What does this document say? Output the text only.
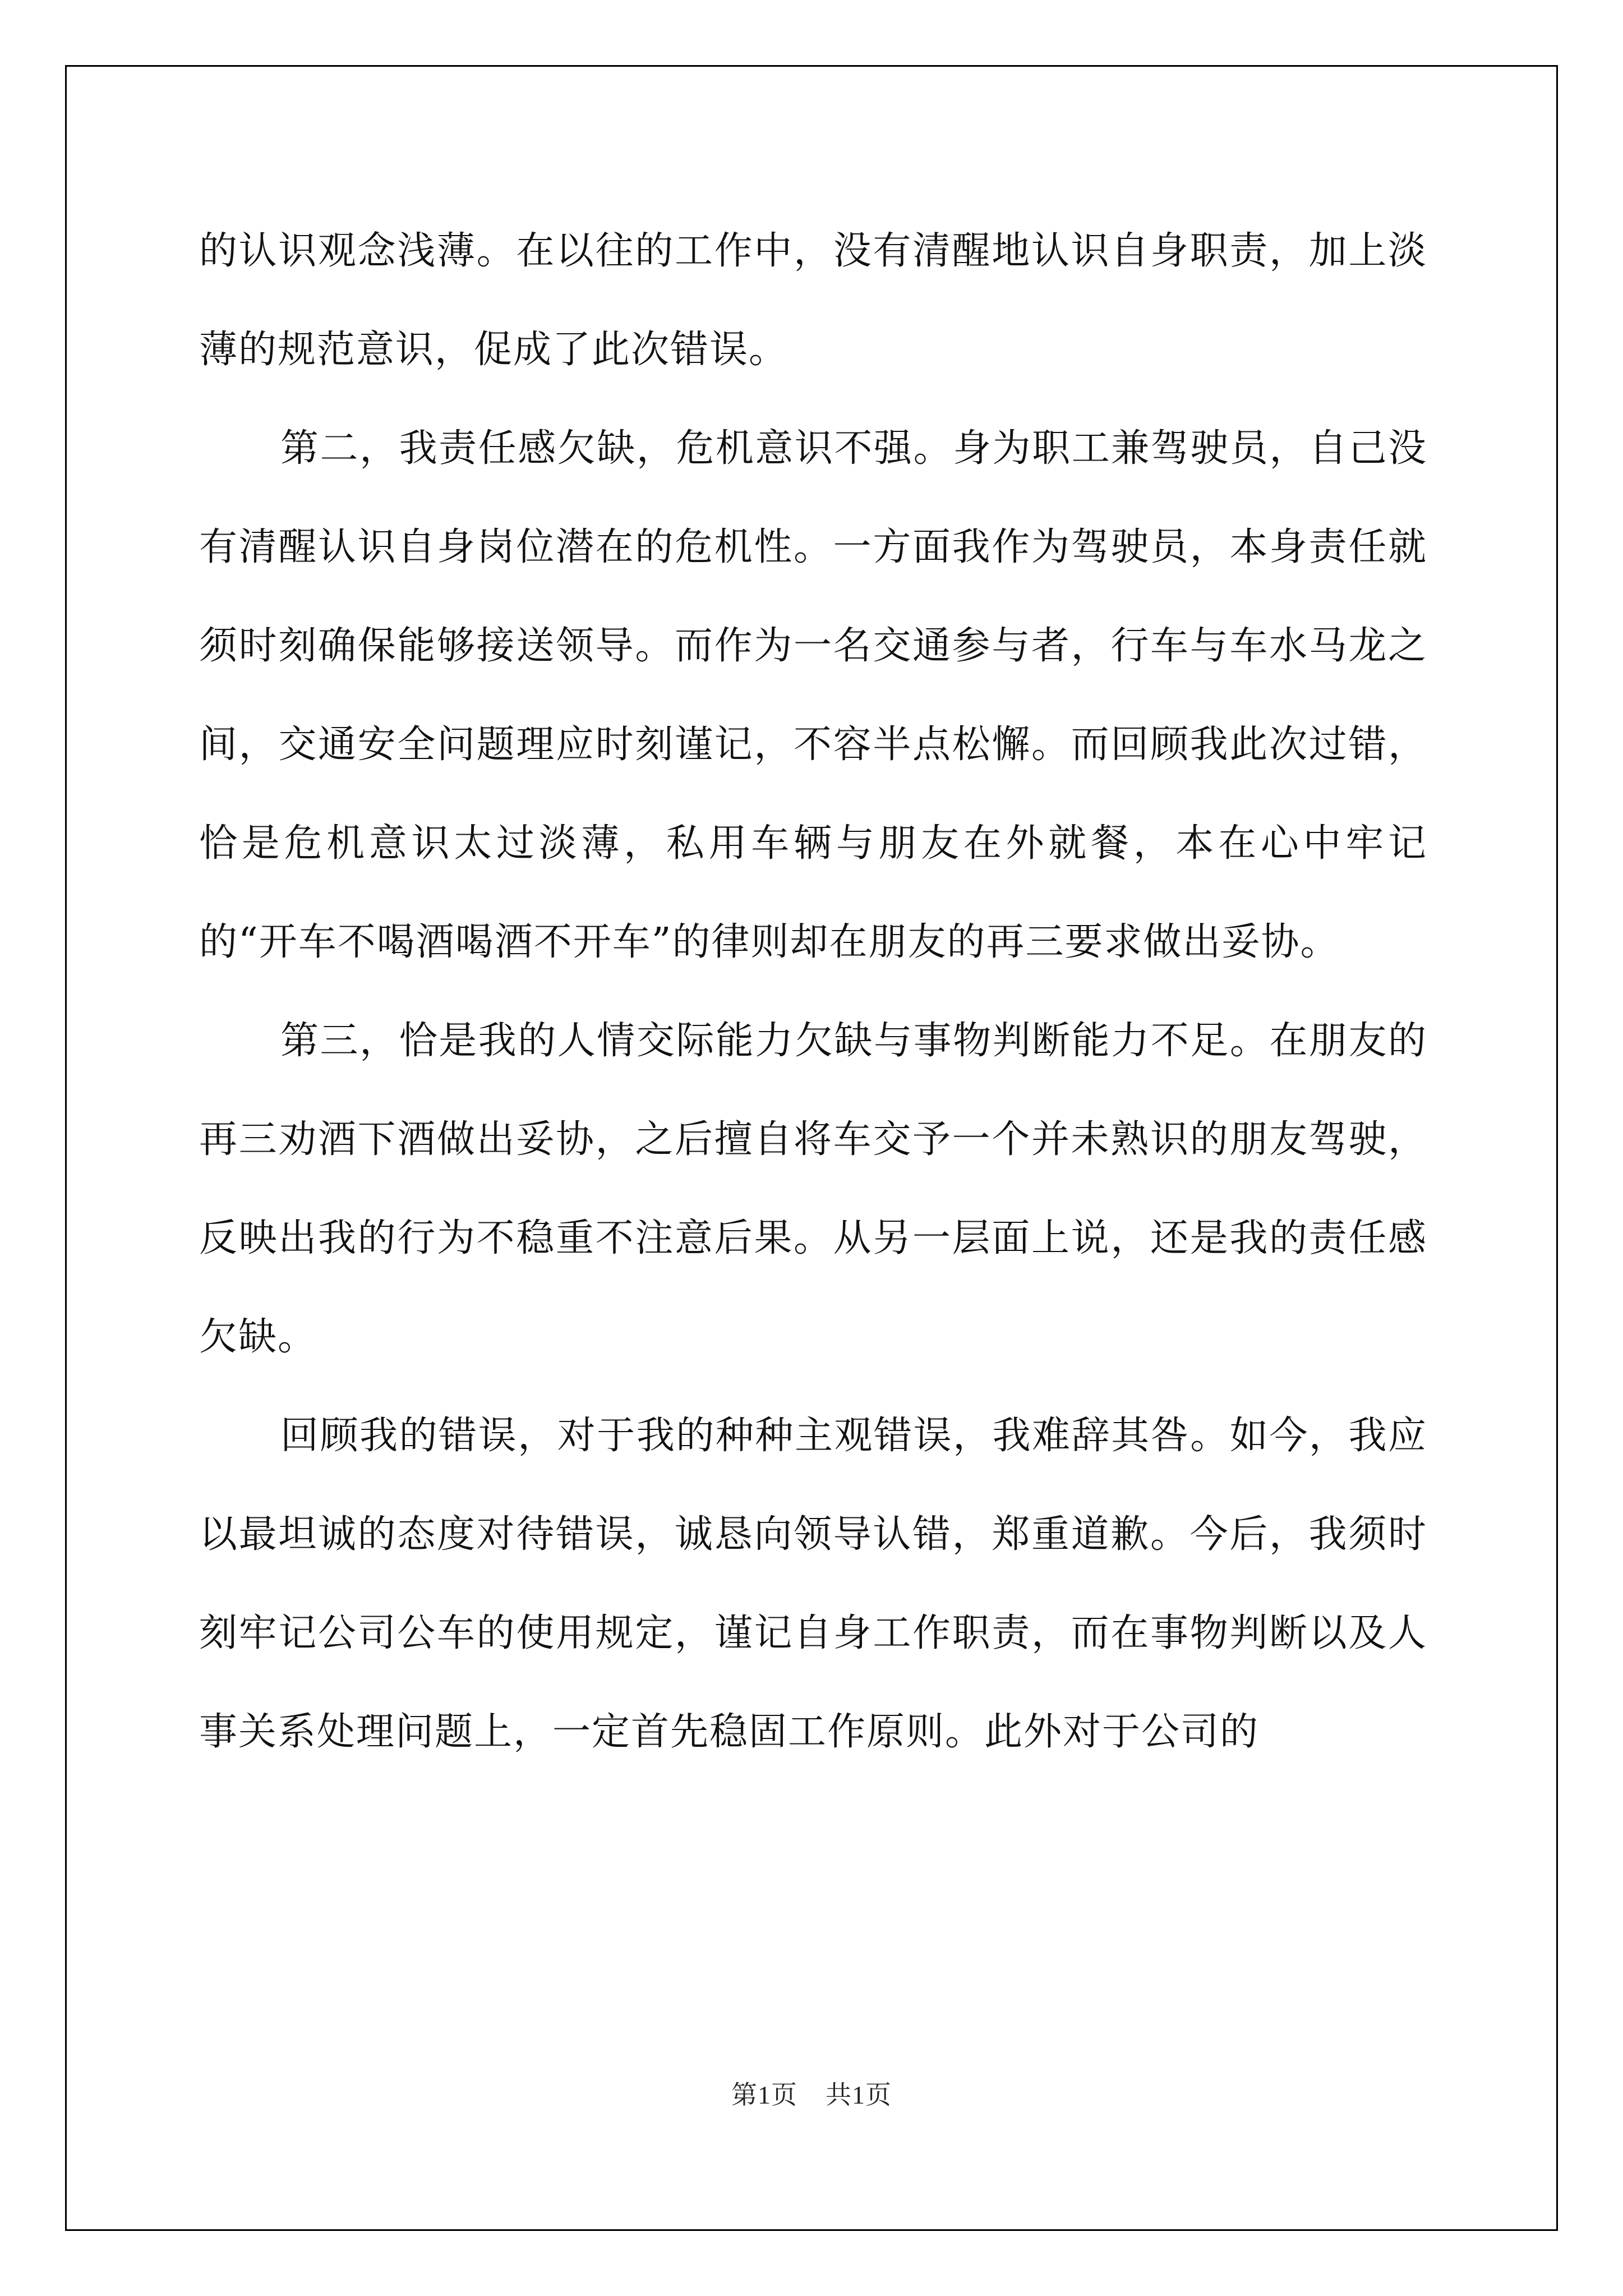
的认识观念浅薄。在以往的工作中，没有清醒地认识自身职责，加上淡薄的规范意识，促成了此次错误。

第二，我责任感欠缺，危机意识不强。身为职工兼驾驶员，自己没有清醒认识自身岗位潜在的危机性。一方面我作为驾驶员，本身责任就须时刻确保能够接送领导。而作为一名交通参与者，行车与车水马龙之间，交通安全问题理应时刻谨记，不容半点松懈。而回顾我此次过错，恰是危机意识太过淡薄，私用车辆与朋友在外就餐，本在心中牢记的“开车不喝酒喝酒不开车”的律则却在朋友的再三要求做出妥协。

第三，恰是我的人情交际能力欠缺与事物判断能力不足。在朋友的再三劝酒下酒做出妥协，之后擅自将车交予一个并未熟识的朋友驾驶，反映出我的行为不稳重不注意后果。从另一层面上说，还是我的责任感欠缺。

回顾我的错误，对于我的种种主观错误，我难辞其咎。如今，我应以最坦诚的态度对待错误，诚恳向领导认错，郑重道歉。今后，我须时刻牢记公司公车的使用规定，谨记自身工作职责，而在事物判断以及人事关系处理问题上，一定首先稳固工作原则。此外对于公司的

第1页 共1页
